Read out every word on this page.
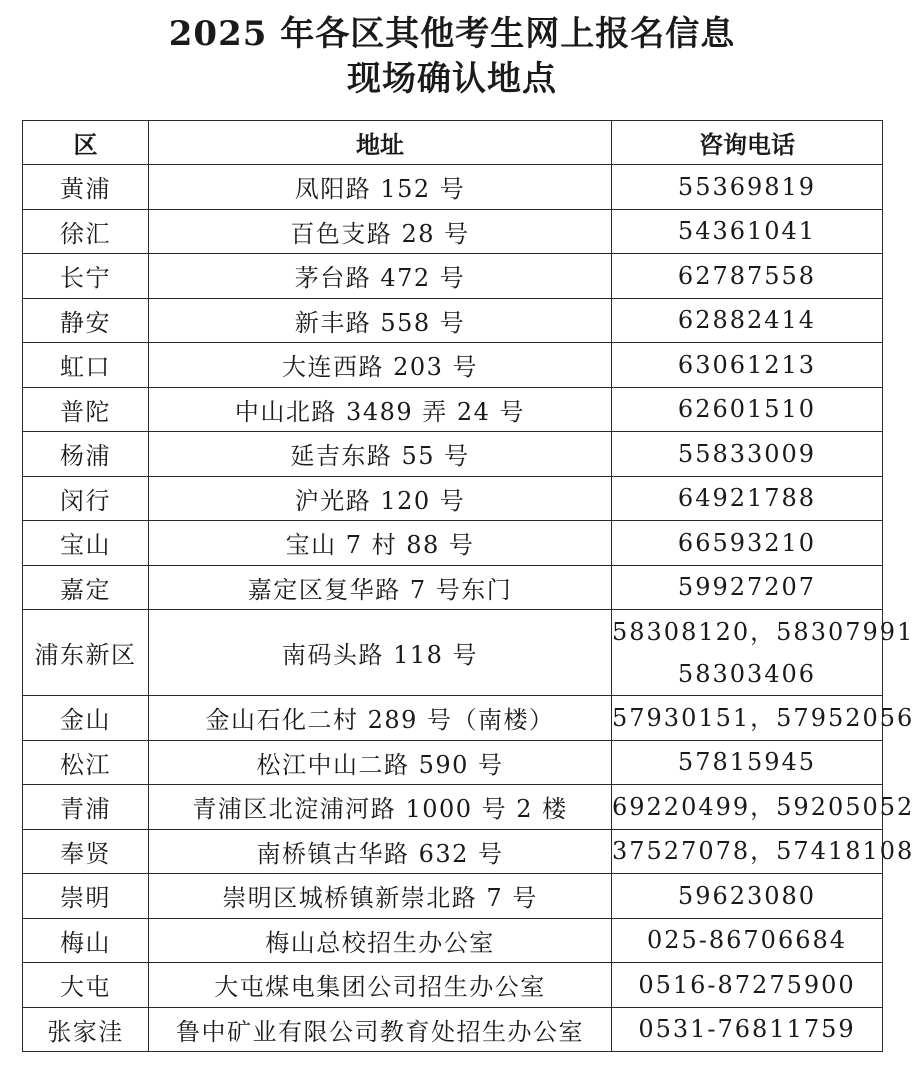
2025 年各区其他考生网上报名信息
现场确认地点
区	地址	咨询电话
黄浦	凤阳路 152 号	55369819

徐汇	百色支路 28 号	54361041

长宁	茅台路 472 号	62787558

静安	新丰路 558 号	62882414

虹口	大连西路 203 号	63061213

普陀	中山北路 3489 弄 24 号	62601510

杨浦	延吉东路 55 号	55833009

闵行	沪光路 120 号	64921788

宝山	宝山 7 村 88 号	66593210

嘉定	嘉定区复华路 7 号东门	59927207

浦东新区	南码头路 118 号	58308120，58307991
58303406

金山	金山石化二村 289 号（南楼）	57930151，57952056

松江	松江中山二路 590 号	57815945

青浦	青浦区北淀浦河路 1000 号 2 楼	69220499，59205052

奉贤	南桥镇古华路 632 号	37527078，57418108

崇明	崇明区城桥镇新崇北路 7 号	59623080

梅山	梅山总校招生办公室	025-86706684

大屯	大屯煤电集团公司招生办公室	0516-87275900

张家洼	鲁中矿业有限公司教育处招生办公室	0531-76811759
